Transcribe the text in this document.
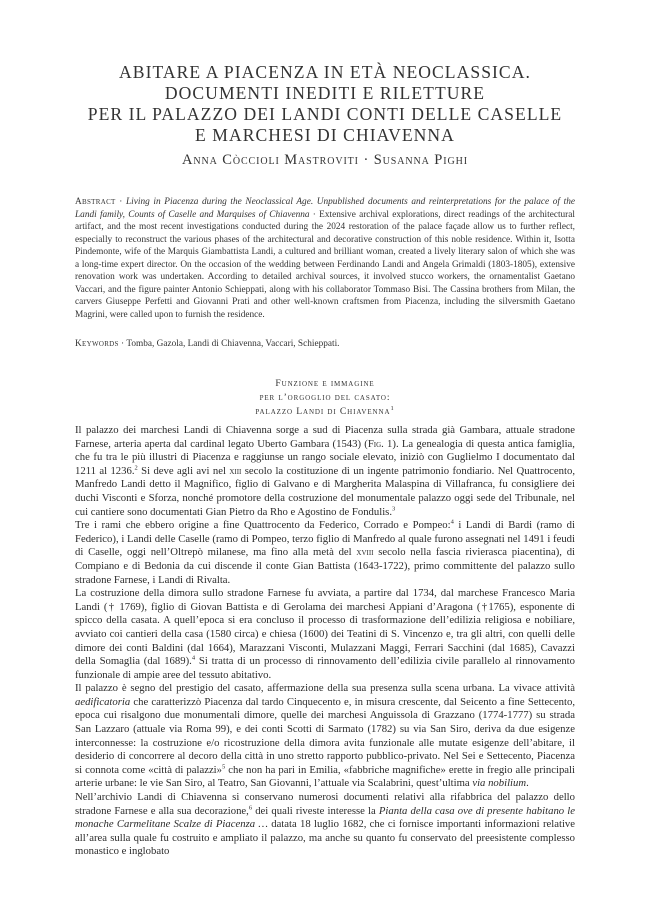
ABITARE A PIACENZA IN ETÀ NEOCLASSICA.
DOCUMENTI INEDITI E RILETTURE
PER IL PALAZZO DEI LANDI CONTI DELLE CASELLE
E MARCHESI DI CHIAVENNA
Anna Còccioli Mastroviti · Susanna Pighi
Abstract · Living in Piacenza during the Neoclassical Age. Unpublished documents and reinterpretations for the palace of the Landi family, Counts of Caselle and Marquises of Chiavenna · Extensive archival explorations, direct readings of the architectural artifact, and the most recent investigations conducted during the 2024 restoration of the palace façade allow us to further reflect, especially to reconstruct the various phases of the architectural and decorative construction of this noble residence. Within it, Isotta Pindemonte, wife of the Marquis Giambattista Landi, a cultured and brilliant woman, created a lively literary salon of which she was a long-time expert director. On the occasion of the wedding between Ferdinando Landi and Angela Grimaldi (1803-1805), extensive renovation work was undertaken. According to detailed archival sources, it involved stucco workers, the ornamentalist Gaetano Vaccari, and the figure painter Antonio Schieppati, along with his collaborator Tommaso Bisi. The Cassina brothers from Milan, the carvers Giuseppe Perfetti and Giovanni Prati and other well-known craftsmen from Piacenza, including the silversmith Gaetano Magrini, were called upon to furnish the residence.
Keywords · Tomba, Gazola, Landi di Chiavenna, Vaccari, Schieppati.
Funzione e immagine
per l’orgoglio del casato:
palazzo Landi di Chiavenna$^1$

Il palazzo dei marchesi Landi di Chiavenna sorge a sud di Piacenza sulla strada già Gambara, attuale stradone Farnese, arteria aperta dal cardinal legato Uberto Gambara (1543) (Fig. 1). La genealogia di questa antica famiglia, che fu tra le più illustri di Piacenza e raggiunse un rango sociale elevato, iniziò con Guglielmo I documentato dal 1211 al 1236.$^2$ Si deve agli avi nel xiii secolo la costituzione di un ingente patrimonio fondiario. Nel Quattrocento, Manfredo Landi detto il Magnifico, figlio di Galvano e di Margherita Malaspina di Villafranca, fu consigliere dei duchi Visconti e Sforza, nonché promotore della costruzione del monumentale palazzo oggi sede del Tribunale, nel cui cantiere sono documentati Gian Pietro da Rho e Agostino de Fondulis.$^3$

Tre i rami che ebbero origine a fine Quattrocento da Federico, Corrado e Pompeo:$^4$ i Landi di Bardi (ramo di Federico), i Landi delle Caselle (ramo di Pompeo, terzo figlio di Manfredo al quale furono assegnati nel 1491 i feudi di Caselle, oggi nell’Oltrepò milanese, ma fino alla metà del xviii secolo nella fascia rivierasca piacentina), di Compiano e di Bedonia da cui discende il conte Gian Battista (1643-1722), primo committente del palazzo sullo stradone Farnese, i Landi di Rivalta.

La costruzione della dimora sullo stradone Farnese fu avviata, a partire dal 1734, dal marchese Francesco Maria Landi († 1769), figlio di Giovan Battista e di Gerolama dei marchesi Appiani d’Aragona (†1765), esponente di spicco della casata. A quell’epoca si era concluso il processo di trasformazione dell’edilizia religiosa e nobiliare, avviato coi cantieri della casa (1580 circa) e chiesa (1600) dei Teatini di S. Vincenzo e, tra gli altri, con quelli delle dimore dei conti Baldini (dal 1664), Marazzani Visconti, Mulazzani Maggi, Ferrari Sacchini (dal 1685), Cavazzi della Somaglia (dal 1689).$^4$ Si tratta di un processo di rinnovamento dell’edilizia civile parallelo al rinnovamento funzionale di ampie aree del tessuto abitativo.

Il palazzo è segno del prestigio del casato, affermazione della sua presenza sulla scena urbana. La vivace attività aedificatoria che caratterizzò Piacenza dal tardo Cinquecento e, in misura crescente, dal Seicento a fine Settecento, epoca cui risalgono due monumentali dimore, quelle dei marchesi Anguissola di Grazzano (1774-1777) su strada San Lazzaro (attuale via Roma 99), e dei conti Scotti di Sarmato (1782) su via San Siro, deriva da due esigenze interconnesse: la costruzione e/o ricostruzione della dimora avita funzionale alle mutate esigenze dell’abitare, il desiderio di concorrere al decoro della città in uno stretto rapporto pubblico-privato. Nel Sei e Settecento, Piacenza si connota come «città di palazzi»$^5$ che non ha pari in Emilia, «fabbriche magnifiche» erette in fregio alle principali arterie urbane: le vie San Siro, al Teatro, San Giovanni, l’attuale via Scalabrini, quest’ultima via nobilium.

Nell’archivio Landi di Chiavenna si conservano numerosi documenti relativi alla rifabbrica del palazzo dello stradone Farnese e alla sua decorazione,$^6$ dei quali riveste interesse la Pianta della casa ove di presente habitano le monache Carmelitane Scalze di Piacenza … datata 18 luglio 1682, che ci fornisce importanti informazioni relative all’area sulla quale fu costruito e ampliato il palazzo, ma anche su quanto fu conservato del preesistente complesso monastico e inglobato
